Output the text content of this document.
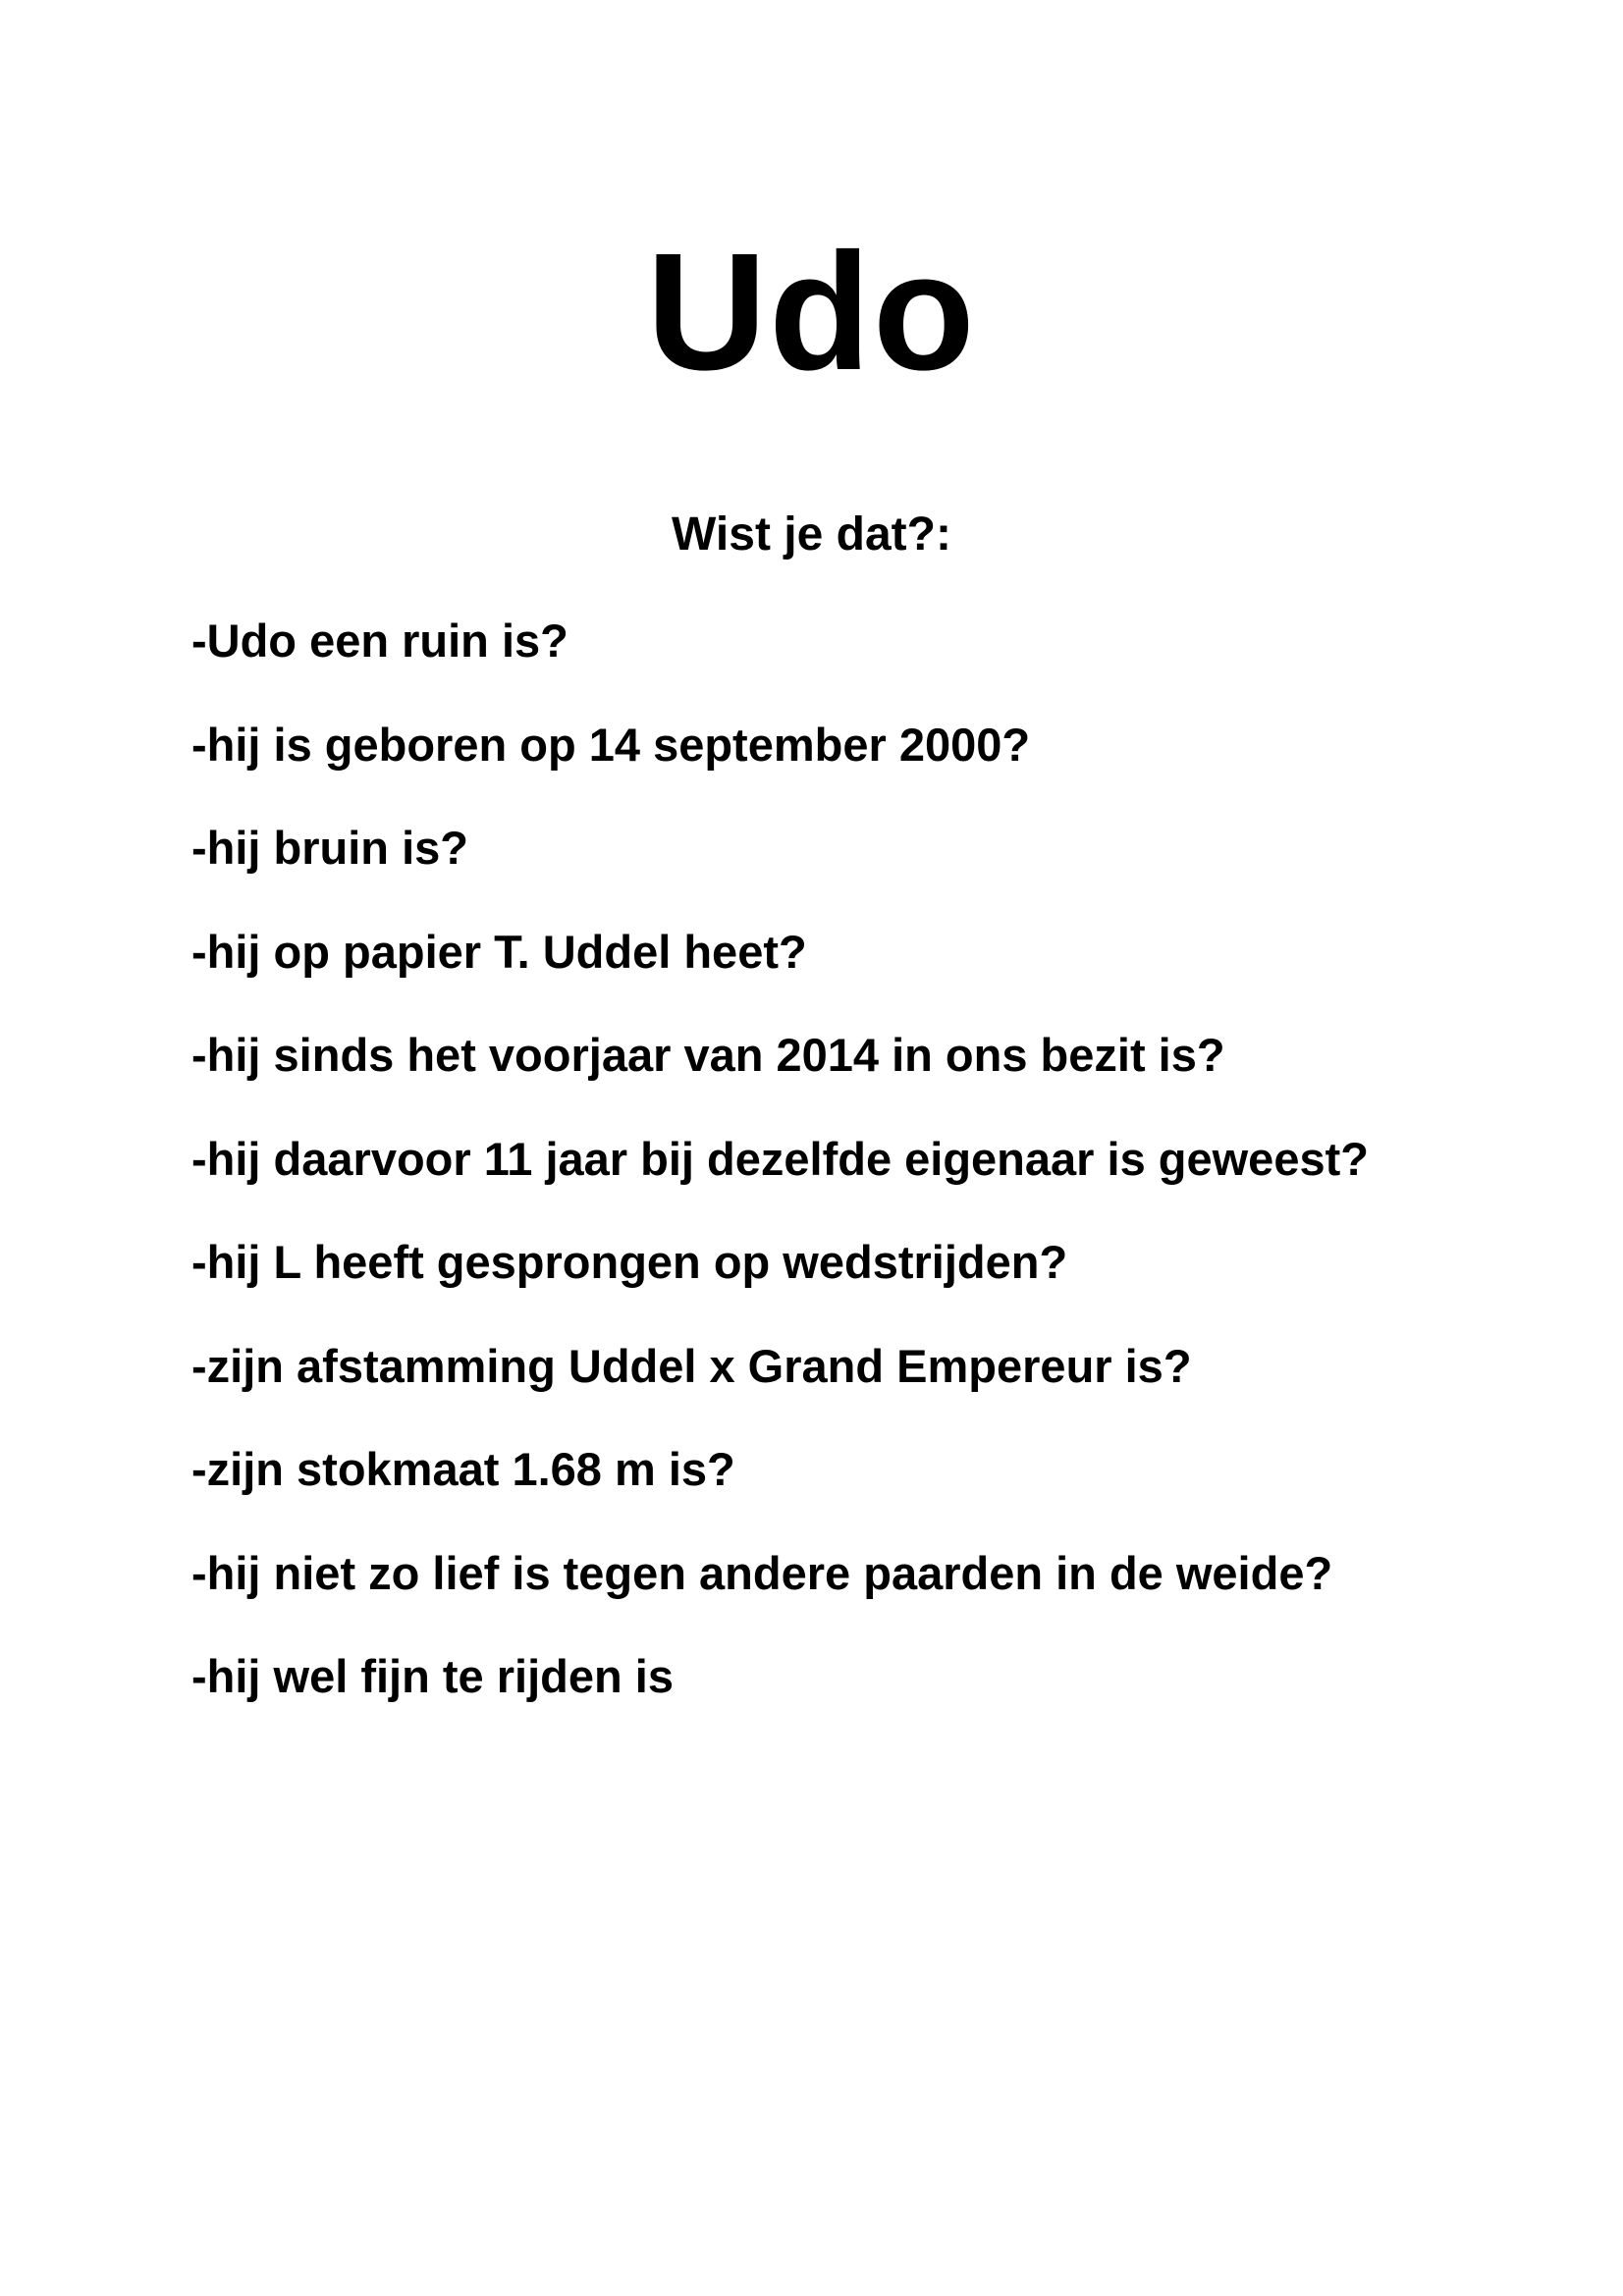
Udo
Wist je dat?:
-Udo een ruin is?
-hij is geboren op 14 september 2000?
-hij bruin is?
-hij op papier T. Uddel heet?
-hij sinds het voorjaar van 2014 in ons bezit is?
-hij daarvoor 11 jaar bij dezelfde eigenaar is geweest?
-hij L heeft gesprongen op wedstrijden?
-zijn afstamming Uddel x Grand Empereur is?
-zijn stokmaat 1.68 m is?
-hij niet zo lief is tegen andere paarden in de weide?
-hij wel fijn te rijden is
